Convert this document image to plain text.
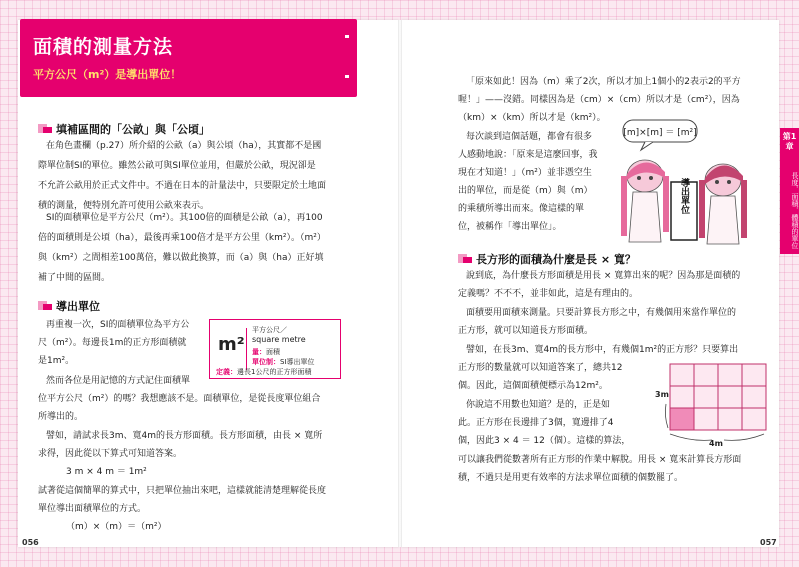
面積的測量方法
平方公尺（m²）是導出單位！
填補區間的「公畝」與「公頃」
在角色畫欄（p.27）所介紹的公畝（a）與公頃（ha），其實都不是國
際單位制SI的單位。雖然公畝可與SI單位並用，但嚴於公畝，現況卻是
不允許公畝用於正式文件中。不過在日本的計量法中，只要限定於土地面
積的測量，便特別允許可使用公畝來表示。
SI的面積單位是平方公尺（m²）。其100倍的面積是公畝（a），再100
倍的面積則是公頃（ha），最後再乘100倍才是平方公里（km²）。（m²）
與（km²）之間相差100萬倍，難以做此換算，而（a）與（ha）正好填
補了中間的區間。
導出單位
再重複一次，SI的面積單位為平方公
尺（m²）。每邊長1m的正方形面積就
是1m²。
然而各位是用記憶的方式記住面積單
位平方公尺（m²）的嗎？我想應該不是。面積單位，是從長度單位組合
所導出的。
譬如，請試求長3m、寬4m的長方形面積。長方形面積，由長 × 寬所
求得，因此從以下算式可知道答案。
3 m × 4 m ＝ 1m²
試著從這個簡單的算式中，只把單位抽出來吧，這樣就能清楚理解從長度
單位導出面積單位的方式。
（m）×（m）＝（m²）
m²
平方公尺／
square metre
量：面積
單位制：SI導出單位
定義：邊長1公尺的正方形面積
056
「原來如此！因為（m）乘了2次，所以才加上1個小的2表示2的平方
喔！」——沒錯。同樣因為是（cm）×（cm）所以才是（cm²），因為
（km）×（km）所以才是（km²）。
每次談到這個話題，都會有很多
人感動地說：「原來是這麼回事，我
現在才知道！」（m²）並非憑空生
出的單位，而是從（m）與（m）
的乘積所導出而來。像這樣的單
位，被稱作「導出單位」。
[m]×[m] ＝ [m²]
導出單位
長方形的面積為什麼是長 × 寬？
說到底，為什麼長方形面積是用長 × 寬算出來的呢？因為那是面積的
定義嗎？不不不，並非如此，這是有理由的。
面積要用面積來測量。只要計算長方形之中，有幾個用來當作單位的
正方形，就可以知道長方形面積。
譬如，在長3m、寬4m的長方形中，有幾個1m²的正方形？只要算出
正方形的數量就可以知道答案了，總共12
個。因此，這個面積便標示為12m²。
你說這不用數也知道？是的，正是如
此。正方形在長邊排了3個，寬邊排了4
個，因此3 × 4 ＝ 12（個）。這樣的算法，
可以讓我們從數著所有正方形的作業中解脫。用長 × 寬來計算長方形面
積，不過只是用更有效率的方法求單位面積的個數罷了。
3m
4m
第1章
長度．面積．體積的單位
057
